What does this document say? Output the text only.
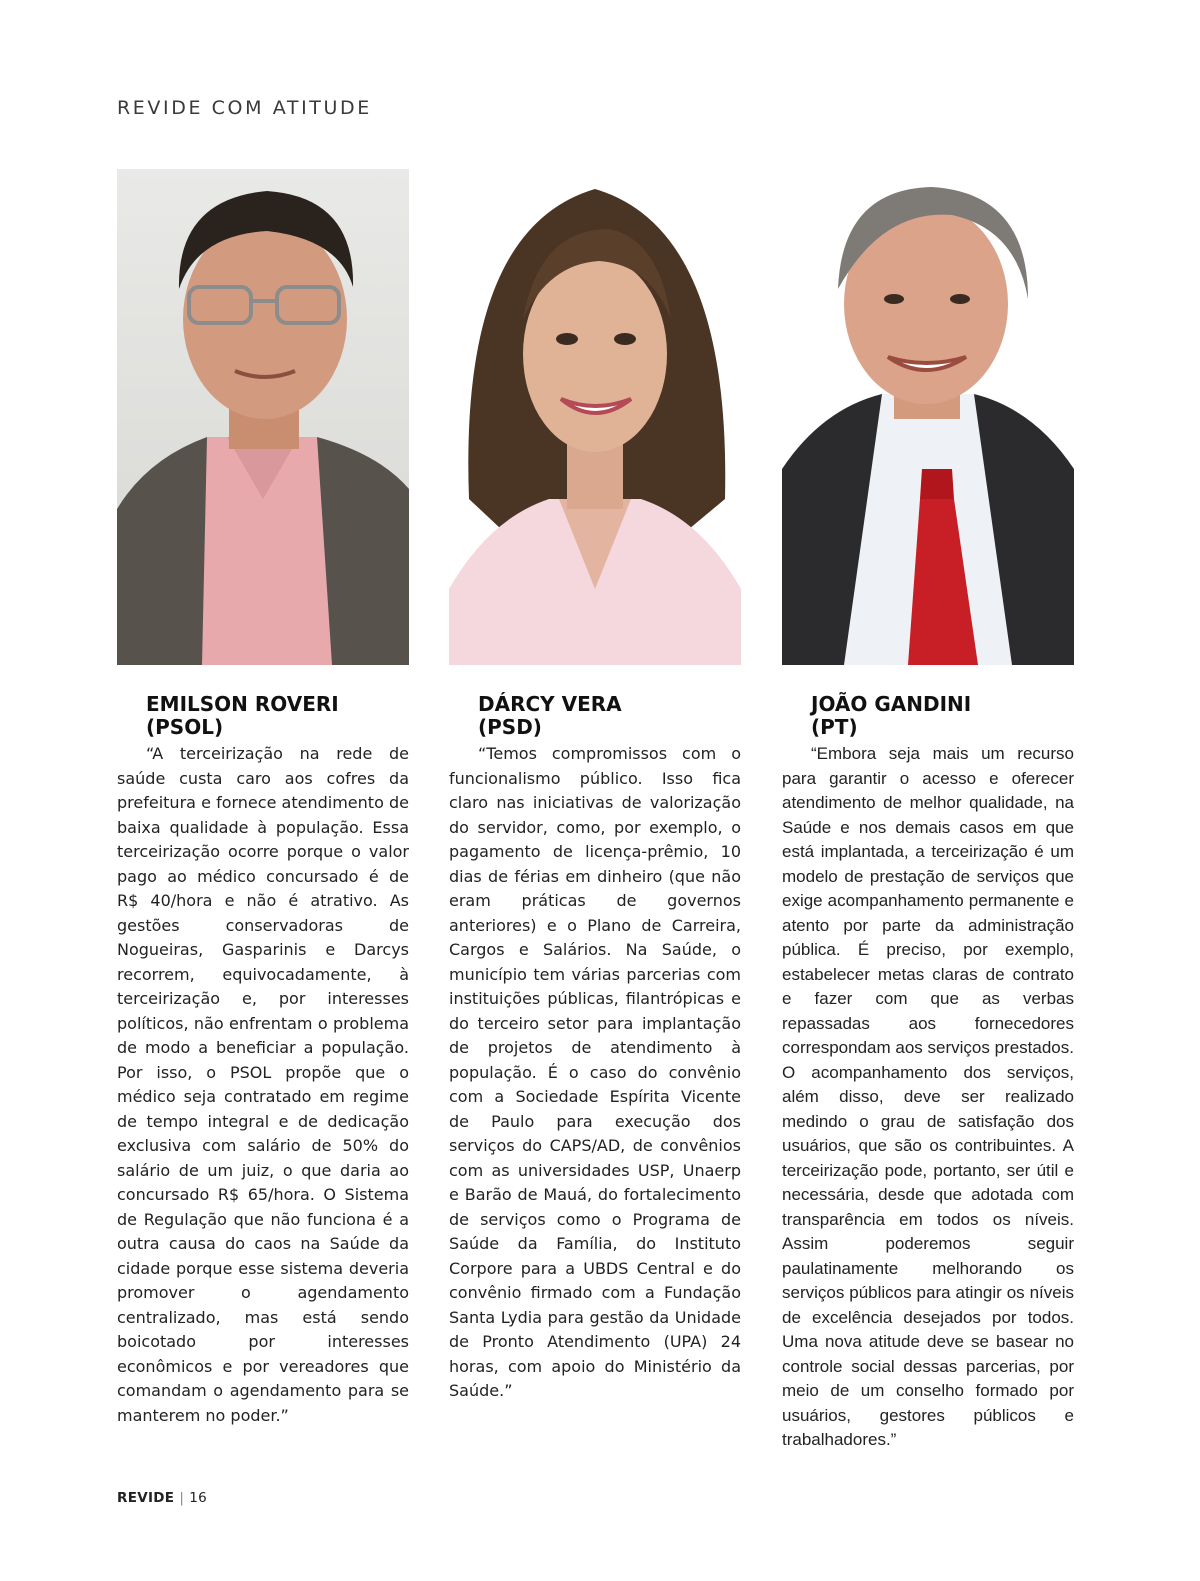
REVIDE COM ATITUDE
EMILSON ROVERI
(PSOL)

“A terceirização na rede de saúde custa caro aos cofres da prefeitura e fornece atendimento de baixa qualidade à população. Essa terceirização ocorre porque o valor pago ao médico concursado é de R$ 40/hora e não é atrativo. As gestões conservadoras de Nogueiras, Gasparinis e Darcys recorrem, equivocadamente, à terceirização e, por interesses políticos, não enfrentam o problema de modo a beneficiar a população. Por isso, o PSOL propõe que o médico seja contratado em regime de tempo integral e de dedicação exclusiva com salário de 50% do salário de um juiz, o que daria ao concursado R$ 65/hora. O Sistema de Regulação que não funciona é a outra causa do caos na Saúde da cidade porque esse sistema deveria promover o agendamento centralizado, mas está sendo boicotado por interesses econômicos e por vereadores que comandam o agendamento para se manterem no poder.”

DÁRCY VERA
(PSD)

“Temos compromissos com o funcionalismo público. Isso fica claro nas iniciativas de valorização do servidor, como, por exemplo, o pagamento de licença-prêmio, 10 dias de férias em dinheiro (que não eram práticas de governos anteriores) e o Plano de Carreira, Cargos e Salários. Na Saúde, o município tem várias parcerias com instituições públicas, filantrópicas e do terceiro setor para implantação de projetos de atendimento à população. É o caso do convênio com a Sociedade Espírita Vicente de Paulo para execução dos serviços do CAPS/AD, de convênios com as universidades USP, Unaerp e Barão de Mauá, do fortalecimento de serviços como o Programa de Saúde da Família, do Instituto Corpore para a UBDS Central e do convênio firmado com a Fundação Santa Lydia para gestão da Unidade de Pronto Atendimento (UPA) 24 horas, com apoio do Ministério da Saúde.”

JOÃO GANDINI
(PT)

“Embora seja mais um recurso para garantir o acesso e oferecer atendimento de melhor qualidade, na Saúde e nos demais casos em que está implantada, a terceirização é um modelo de prestação de serviços que exige acompanhamento permanente e atento por parte da administração pública. É preciso, por exemplo, estabelecer metas claras de contrato e fazer com que as verbas repassadas aos fornecedores correspondam aos serviços prestados. O acompanhamento dos serviços, além disso, deve ser realizado medindo o grau de satisfação dos usuários, que são os contribuintes. A terceirização pode, portanto, ser útil e necessária, desde que adotada com transparência em todos os níveis. Assim poderemos seguir paulatinamente melhorando os serviços públicos para atingir os níveis de excelência desejados por todos. Uma nova atitude deve se basear no controle social dessas parcerias, por meio de um conselho formado por usuários, gestores públicos e trabalhadores.”

REVIDE | 16
